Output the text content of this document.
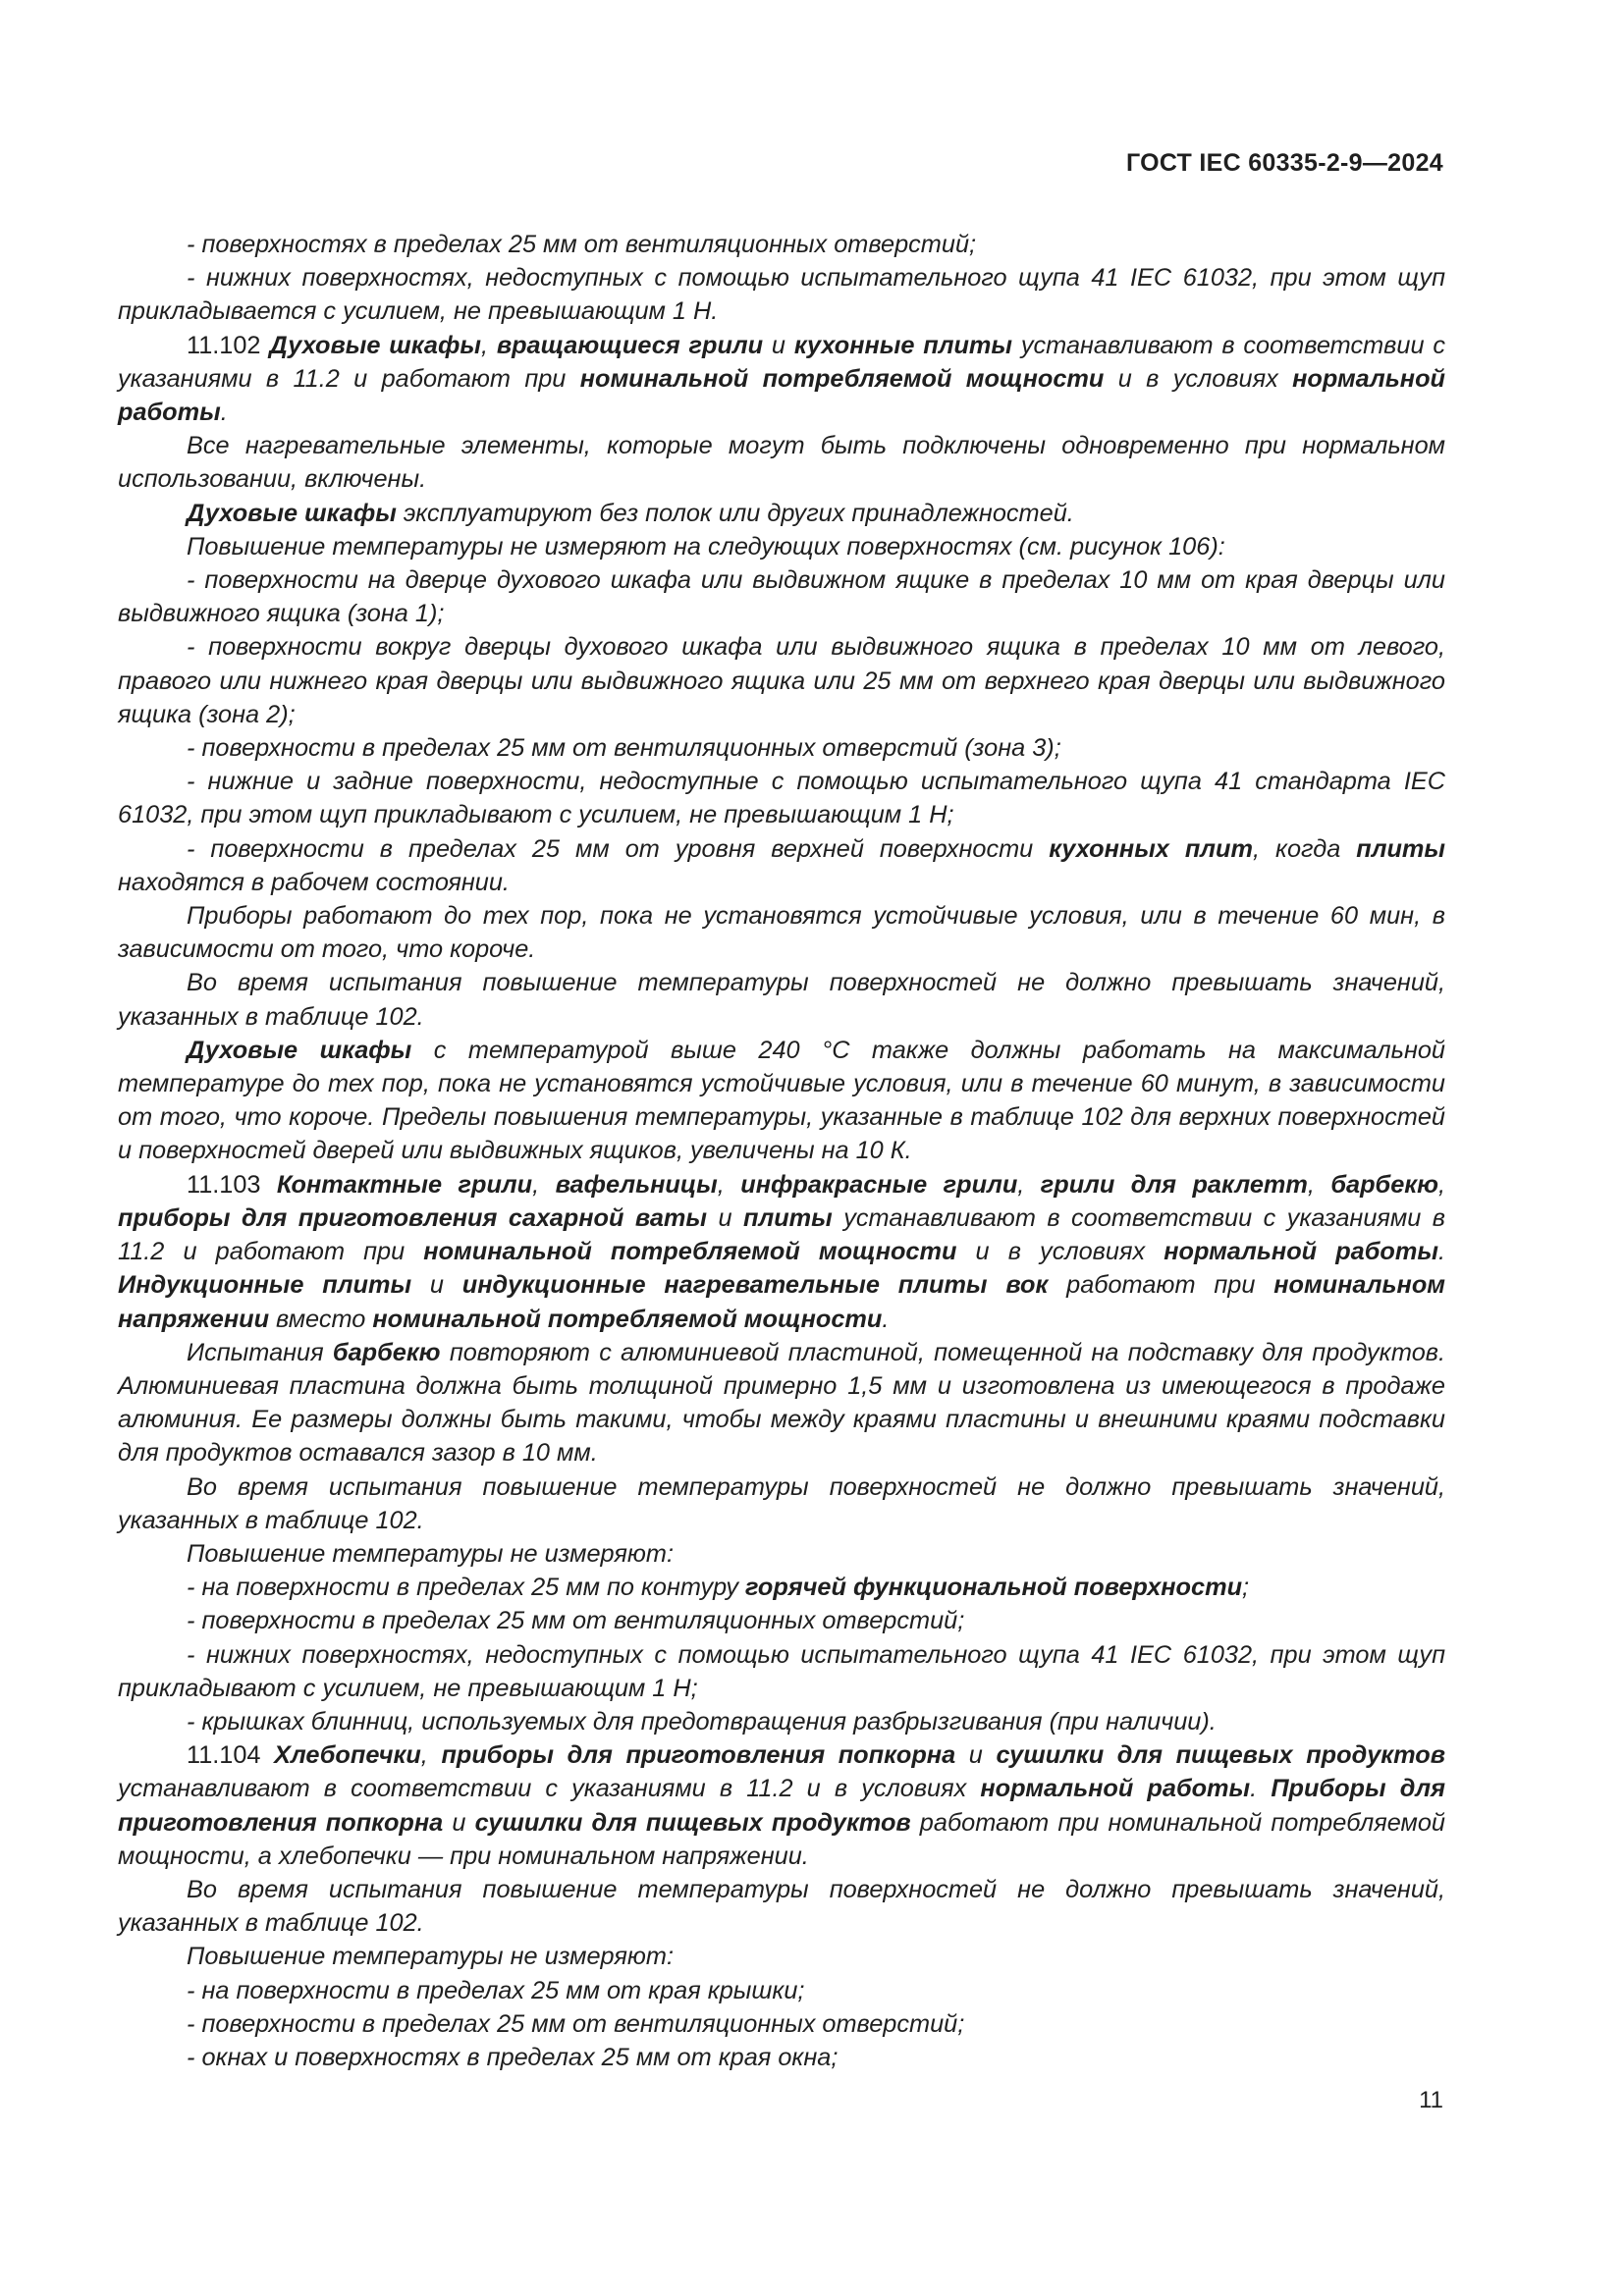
ГОСТ IEC 60335-2-9—2024

- поверхностях в пределах 25 мм от вентиляционных отверстий;

- нижних поверхностях, недоступных с помощью испытательного щупа 41 IEC 61032, при этом щуп прикладывается с усилием, не превышающим 1 Н.

11.102 Духовые шкафы, вращающиеся грили и кухонные плиты устанавливают в соответствии с указаниями в 11.2 и работают при номинальной потребляемой мощности и в условиях нормальной работы.

Все нагревательные элементы, которые могут быть подключены одновременно при нормальном использовании, включены.

Духовые шкафы эксплуатируют без полок или других принадлежностей.

Повышение температуры не измеряют на следующих поверхностях (см. рисунок 106):

- поверхности на дверце духового шкафа или выдвижном ящике в пределах 10 мм от края дверцы или выдвижного ящика (зона 1);

- поверхности вокруг дверцы духового шкафа или выдвижного ящика в пределах 10 мм от левого, правого или нижнего края дверцы или выдвижного ящика или 25 мм от верхнего края дверцы или выдвижного ящика (зона 2);

- поверхности в пределах 25 мм от вентиляционных отверстий (зона 3);

- нижние и задние поверхности, недоступные с помощью испытательного щупа 41 стандарта IEC 61032, при этом щуп прикладывают с усилием, не превышающим 1 Н;

- поверхности в пределах 25 мм от уровня верхней поверхности кухонных плит, когда плиты находятся в рабочем состоянии.

Приборы работают до тех пор, пока не установятся устойчивые условия, или в течение 60 мин, в зависимости от того, что короче.

Во время испытания повышение температуры поверхностей не должно превышать значений, указанных в таблице 102.

Духовые шкафы с температурой выше 240 °С также должны работать на максимальной температуре до тех пор, пока не установятся устойчивые условия, или в течение 60 минут, в зависимости от того, что короче. Пределы повышения температуры, указанные в таблице 102 для верхних поверхностей и поверхностей дверей или выдвижных ящиков, увеличены на 10 К.

11.103 Контактные грили, вафельницы, инфракрасные грили, грили для раклетт, барбекю, приборы для приготовления сахарной ваты и плиты устанавливают в соответствии с указаниями в 11.2 и работают при номинальной потребляемой мощности и в условиях нормальной работы. Индукционные плиты и индукционные нагревательные плиты вок работают при номинальном напряжении вместо номинальной потребляемой мощности.

Испытания барбекю повторяют с алюминиевой пластиной, помещенной на подставку для продуктов. Алюминиевая пластина должна быть толщиной примерно 1,5 мм и изготовлена из имеющегося в продаже алюминия. Ее размеры должны быть такими, чтобы между краями пластины и внешними краями подставки для продуктов оставался зазор в 10 мм.

Во время испытания повышение температуры поверхностей не должно превышать значений, указанных в таблице 102.

Повышение температуры не измеряют:

- на поверхности в пределах 25 мм по контуру горячей функциональной поверхности;

- поверхности в пределах 25 мм от вентиляционных отверстий;

- нижних поверхностях, недоступных с помощью испытательного щупа 41 IEC 61032, при этом щуп прикладывают с усилием, не превышающим 1 Н;

- крышках блинниц, используемых для предотвращения разбрызгивания (при наличии).

11.104 Хлебопечки, приборы для приготовления попкорна и сушилки для пищевых продуктов устанавливают в соответствии с указаниями в 11.2 и в условиях нормальной работы. Приборы для приготовления попкорна и сушилки для пищевых продуктов работают при номинальной потребляемой мощности, а хлебопечки — при номинальном напряжении.

Во время испытания повышение температуры поверхностей не должно превышать значений, указанных в таблице 102.

Повышение температуры не измеряют:

- на поверхности в пределах 25 мм от края крышки;

- поверхности в пределах 25 мм от вентиляционных отверстий;

- окнах и поверхностях в пределах 25 мм от края окна;

11
